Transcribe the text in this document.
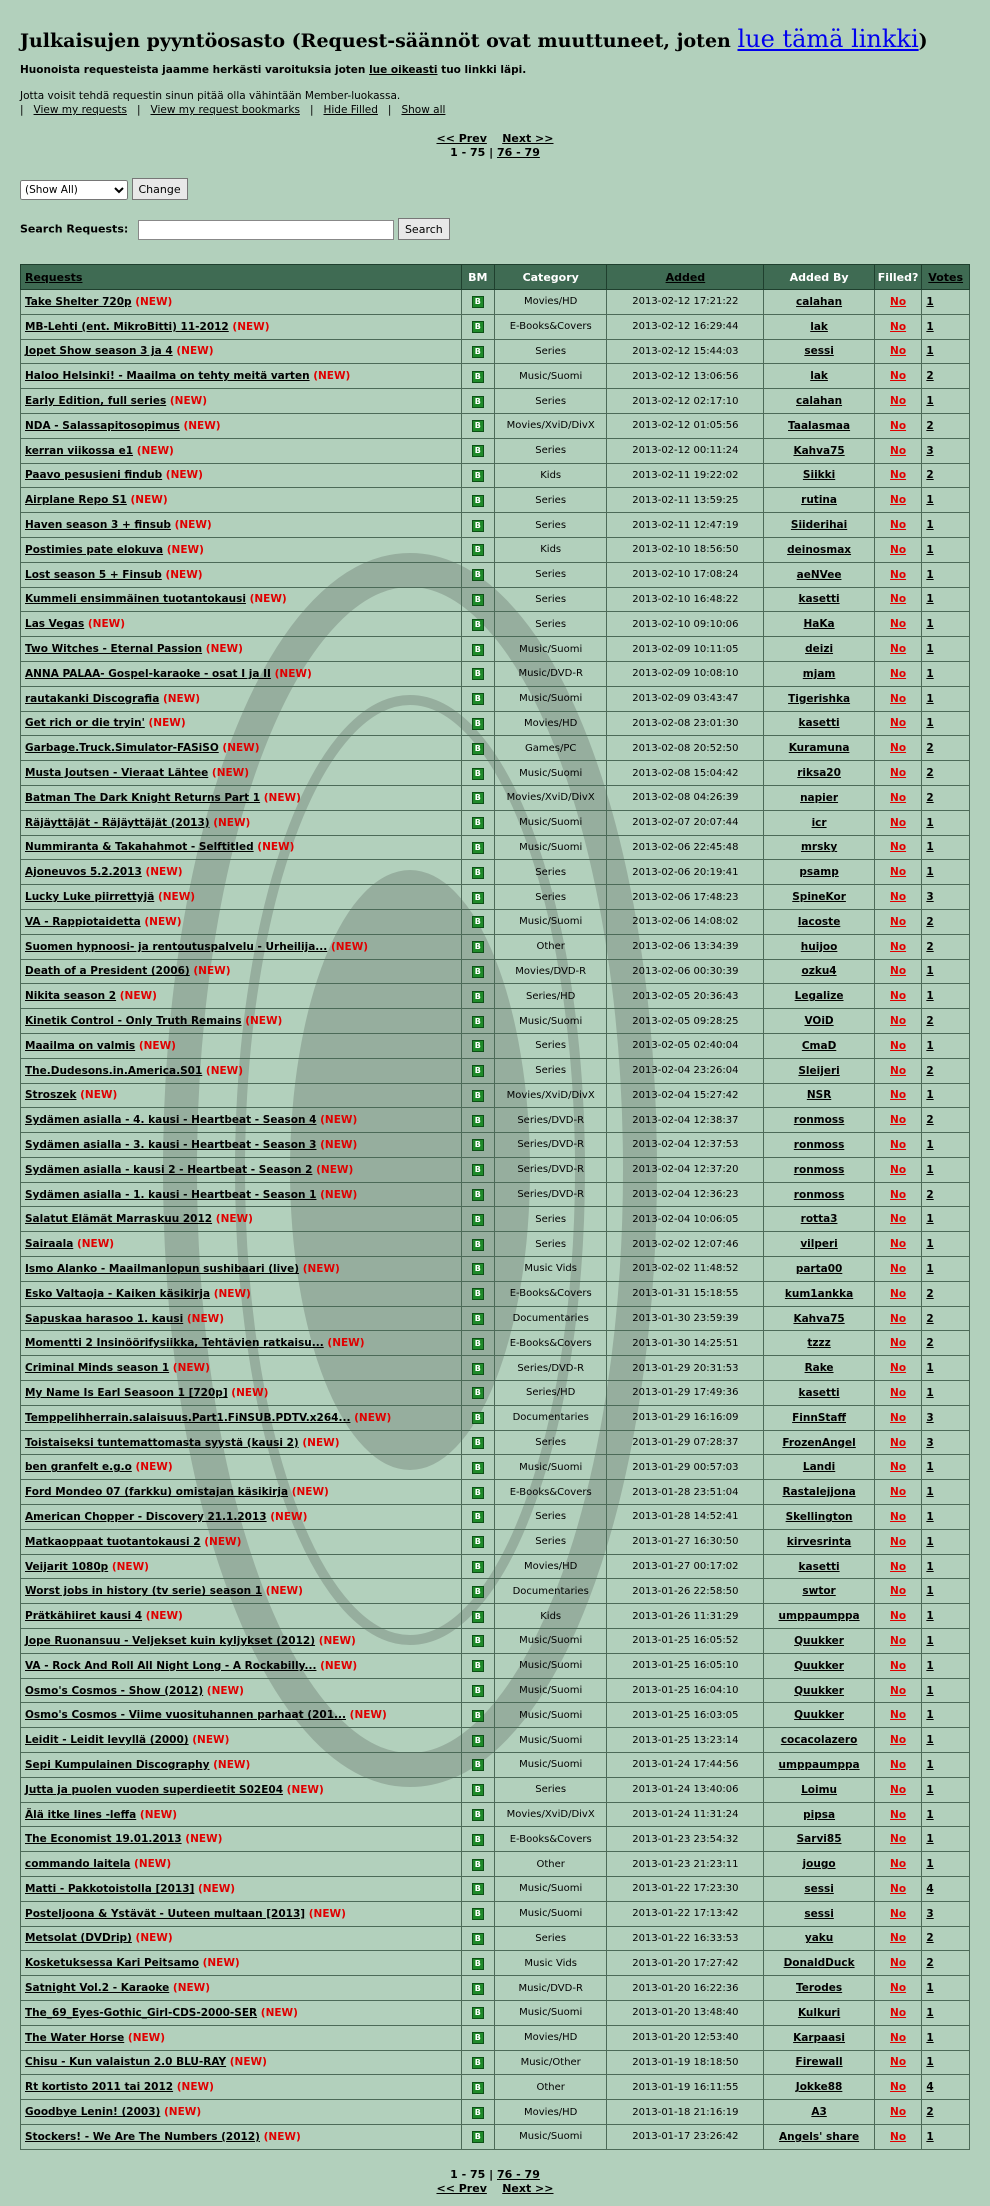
Julkaisujen pyyntöosasto (Request-säännöt ovat muuttuneet, joten lue tämä linkki)
Huonoista requesteista jaamme herkästi varoituksia joten lue oikeasti tuo linkki läpi.

Jotta voisit tehdä requestin sinun pitää olla vähintään Member-luokassa.

| View my requests | View my request bookmarks | Hide Filled | Show all
<< Prev Next >>
1 - 75 | 76 - 79
(Show All) Change
Search Requests:	Search
Requests	BM	Category	Added	Added By	Filled?	Votes
Take Shelter 720p (NEW)	B	Movies/HD	2013-02-12 17:21:22	calahan	No	1
MB-Lehti (ent. MikroBitti) 11-2012 (NEW)	B	E-Books&Covers	2013-02-12 16:29:44	lak	No	1
Jopet Show season 3 ja 4 (NEW)	B	Series	2013-02-12 15:44:03	sessi	No	1
Haloo Helsinki! - Maailma on tehty meitä varten (NEW)	B	Music/Suomi	2013-02-12 13:06:56	lak	No	2
Early Edition, full series (NEW)	B	Series	2013-02-12 02:17:10	calahan	No	1
NDA - Salassapitosopimus (NEW)	B	Movies/XviD/DivX	2013-02-12 01:05:56	Taalasmaa	No	2
kerran viikossa e1 (NEW)	B	Series	2013-02-12 00:11:24	Kahva75	No	3
Paavo pesusieni findub (NEW)	B	Kids	2013-02-11 19:22:02	Siikki	No	2
Airplane Repo S1 (NEW)	B	Series	2013-02-11 13:59:25	rutina	No	1
Haven season 3 + finsub (NEW)	B	Series	2013-02-11 12:47:19	Siiderihai	No	1
Postimies pate elokuva (NEW)	B	Kids	2013-02-10 18:56:50	deinosmax	No	1
Lost season 5 + Finsub (NEW)	B	Series	2013-02-10 17:08:24	aeNVee	No	1
Kummeli ensimmäinen tuotantokausi (NEW)	B	Series	2013-02-10 16:48:22	kasetti	No	1
Las Vegas (NEW)	B	Series	2013-02-10 09:10:06	HaKa	No	1
Two Witches - Eternal Passion (NEW)	B	Music/Suomi	2013-02-09 10:11:05	deizi	No	1
ANNA PALAA- Gospel-karaoke - osat I ja II (NEW)	B	Music/DVD-R	2013-02-09 10:08:10	mjam	No	1
rautakanki Discografia (NEW)	B	Music/Suomi	2013-02-09 03:43:47	Tigerishka	No	1
Get rich or die tryin' (NEW)	B	Movies/HD	2013-02-08 23:01:30	kasetti	No	1
Garbage.Truck.Simulator-FASiSO (NEW)	B	Games/PC	2013-02-08 20:52:50	Kuramuna	No	2
Musta Joutsen - Vieraat Lähtee (NEW)	B	Music/Suomi	2013-02-08 15:04:42	riksa20	No	2
Batman The Dark Knight Returns Part 1 (NEW)	B	Movies/XviD/DivX	2013-02-08 04:26:39	napier	No	2
Räjäyttäjät - Räjäyttäjät (2013) (NEW)	B	Music/Suomi	2013-02-07 20:07:44	icr	No	1
Nummiranta & Takahahmot - Selftitled (NEW)	B	Music/Suomi	2013-02-06 22:45:48	mrsky	No	1
Ajoneuvos 5.2.2013 (NEW)	B	Series	2013-02-06 20:19:41	psamp	No	1
Lucky Luke piirrettyjä (NEW)	B	Series	2013-02-06 17:48:23	SpineKor	No	3
VA - Rappiotaidetta (NEW)	B	Music/Suomi	2013-02-06 14:08:02	lacoste	No	2
Suomen hypnoosi- ja rentoutuspalvelu - Urheilija... (NEW)	B	Other	2013-02-06 13:34:39	huijoo	No	2
Death of a President (2006) (NEW)	B	Movies/DVD-R	2013-02-06 00:30:39	ozku4	No	1
Nikita season 2 (NEW)	B	Series/HD	2013-02-05 20:36:43	Legalize	No	1
Kinetik Control - Only Truth Remains (NEW)	B	Music/Suomi	2013-02-05 09:28:25	VOiD	No	2
Maailma on valmis (NEW)	B	Series	2013-02-05 02:40:04	CmaD	No	1
The.Dudesons.in.America.S01 (NEW)	B	Series	2013-02-04 23:26:04	Sleijeri	No	2
Stroszek (NEW)	B	Movies/XviD/DivX	2013-02-04 15:27:42	NSR	No	1
Sydämen asialla - 4. kausi - Heartbeat - Season 4 (NEW)	B	Series/DVD-R	2013-02-04 12:38:37	ronmoss	No	2
Sydämen asialla - 3. kausi - Heartbeat - Season 3 (NEW)	B	Series/DVD-R	2013-02-04 12:37:53	ronmoss	No	1
Sydämen asialla - kausi 2 - Heartbeat - Season 2 (NEW)	B	Series/DVD-R	2013-02-04 12:37:20	ronmoss	No	1
Sydämen asialla - 1. kausi - Heartbeat - Season 1 (NEW)	B	Series/DVD-R	2013-02-04 12:36:23	ronmoss	No	2
Salatut Elämät Marraskuu 2012 (NEW)	B	Series	2013-02-04 10:06:05	rotta3	No	1
Sairaala (NEW)	B	Series	2013-02-02 12:07:46	vilperi	No	1
Ismo Alanko - Maailmanlopun sushibaari (live) (NEW)	B	Music Vids	2013-02-02 11:48:52	parta00	No	1
Esko Valtaoja - Kaiken käsikirja (NEW)	B	E-Books&Covers	2013-01-31 15:18:55	kum1ankka	No	2
Sapuskaa harasoo 1. kausi (NEW)	B	Documentaries	2013-01-30 23:59:39	Kahva75	No	2
Momentti 2 Insinöörifysiikka, Tehtävien ratkaisu... (NEW)	B	E-Books&Covers	2013-01-30 14:25:51	tzzz	No	2
Criminal Minds season 1 (NEW)	B	Series/DVD-R	2013-01-29 20:31:53	Rake	No	1
My Name Is Earl Seasoon 1 [720p] (NEW)	B	Series/HD	2013-01-29 17:49:36	kasetti	No	1
Temppelihherrain.salaisuus.Part1.FiNSUB.PDTV.x264... (NEW)	B	Documentaries	2013-01-29 16:16:09	FinnStaff	No	3
Toistaiseksi tuntemattomasta syystä (kausi 2) (NEW)	B	Series	2013-01-29 07:28:37	FrozenAngel	No	3
ben granfelt e.g.o (NEW)	B	Music/Suomi	2013-01-29 00:57:03	Landi	No	1
Ford Mondeo 07 (farkku) omistajan käsikirja (NEW)	B	E-Books&Covers	2013-01-28 23:51:04	Rastalejjona	No	1
American Chopper - Discovery 21.1.2013 (NEW)	B	Series	2013-01-28 14:52:41	Skellington	No	1
Matkaoppaat tuotantokausi 2 (NEW)	B	Series	2013-01-27 16:30:50	kirvesrinta	No	1
Veijarit 1080p (NEW)	B	Movies/HD	2013-01-27 00:17:02	kasetti	No	1
Worst jobs in history (tv serie) season 1 (NEW)	B	Documentaries	2013-01-26 22:58:50	swtor	No	1
Prätkähiiret kausi 4 (NEW)	B	Kids	2013-01-26 11:31:29	umppaumppa	No	1
Jope Ruonansuu - Veljekset kuin kyljykset (2012) (NEW)	B	Music/Suomi	2013-01-25 16:05:52	Quukker	No	1
VA - Rock And Roll All Night Long - A Rockabilly... (NEW)	B	Music/Suomi	2013-01-25 16:05:10	Quukker	No	1
Osmo's Cosmos - Show (2012) (NEW)	B	Music/Suomi	2013-01-25 16:04:10	Quukker	No	1
Osmo's Cosmos - Viime vuosituhannen parhaat (201... (NEW)	B	Music/Suomi	2013-01-25 16:03:05	Quukker	No	1
Leidit - Leidit levyllä (2000) (NEW)	B	Music/Suomi	2013-01-25 13:23:14	cocacolazero	No	1
Sepi Kumpulainen Discography (NEW)	B	Music/Suomi	2013-01-24 17:44:56	umppaumppa	No	1
Jutta ja puolen vuoden superdieetit S02E04 (NEW)	B	Series	2013-01-24 13:40:06	Loimu	No	1
Älä itke Iines -leffa (NEW)	B	Movies/XviD/DivX	2013-01-24 11:31:24	pipsa	No	1
The Economist 19.01.2013 (NEW)	B	E-Books&Covers	2013-01-23 23:54:32	Sarvi85	No	1
commando laitela (NEW)	B	Other	2013-01-23 21:23:11	jougo	No	1
Matti - Pakkotoistolla [2013] (NEW)	B	Music/Suomi	2013-01-22 17:23:30	sessi	No	4
Posteljoona & Ystävät - Uuteen multaan [2013] (NEW)	B	Music/Suomi	2013-01-22 17:13:42	sessi	No	3
Metsolat (DVDrip) (NEW)	B	Series	2013-01-22 16:33:53	yaku	No	2
Kosketuksessa Kari Peitsamo (NEW)	B	Music Vids	2013-01-20 17:27:42	DonaldDuck	No	2
Satnight Vol.2 - Karaoke (NEW)	B	Music/DVD-R	2013-01-20 16:22:36	Terodes	No	1
The_69_Eyes-Gothic_Girl-CDS-2000-SER (NEW)	B	Music/Suomi	2013-01-20 13:48:40	Kulkuri	No	1
The Water Horse (NEW)	B	Movies/HD	2013-01-20 12:53:40	Karpaasi	No	1
Chisu - Kun valaistun 2.0 BLU-RAY (NEW)	B	Music/Other	2013-01-19 18:18:50	Firewall	No	1
Rt kortisto 2011 tai 2012 (NEW)	B	Other	2013-01-19 16:11:55	Jokke88	No	4
Goodbye Lenin! (2003) (NEW)	B	Movies/HD	2013-01-18 21:16:19	A3	No	2
Stockers! - We Are The Numbers (2012) (NEW)	B	Music/Suomi	2013-01-17 23:26:42	Angels' share	No	1
1 - 75 | 76 - 79
<< Prev Next >>
